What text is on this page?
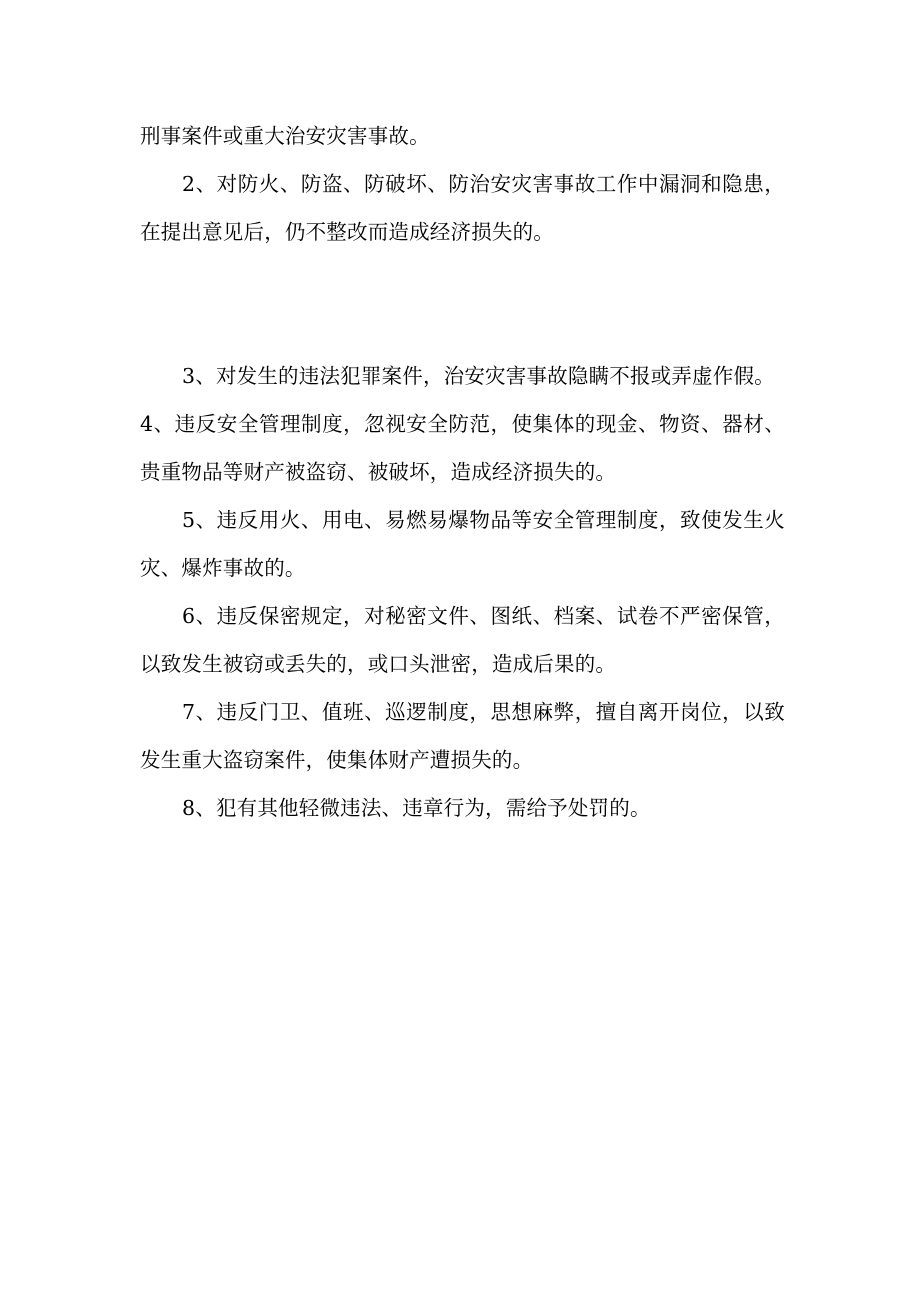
刑事案件或重大治安灾害事故。

2、对防火、防盗、防破坏、防治安灾害事故工作中漏洞和隐患，在提出意见后，仍不整改而造成经济损失的。

3、对发生的违法犯罪案件，治安灾害事故隐瞒不报或弄虚作假。

4、违反安全管理制度，忽视安全防范，使集体的现金、物资、器材、贵重物品等财产被盗窃、被破坏，造成经济损失的。

5、违反用火、用电、易燃易爆物品等安全管理制度，致使发生火灾、爆炸事故的。

6、违反保密规定，对秘密文件、图纸、档案、试卷不严密保管，以致发生被窃或丢失的，或口头泄密，造成后果的。

7、违反门卫、值班、巡逻制度，思想麻弊，擅自离开岗位，以致发生重大盗窃案件，使集体财产遭损失的。

8、犯有其他轻微违法、违章行为，需给予处罚的。
